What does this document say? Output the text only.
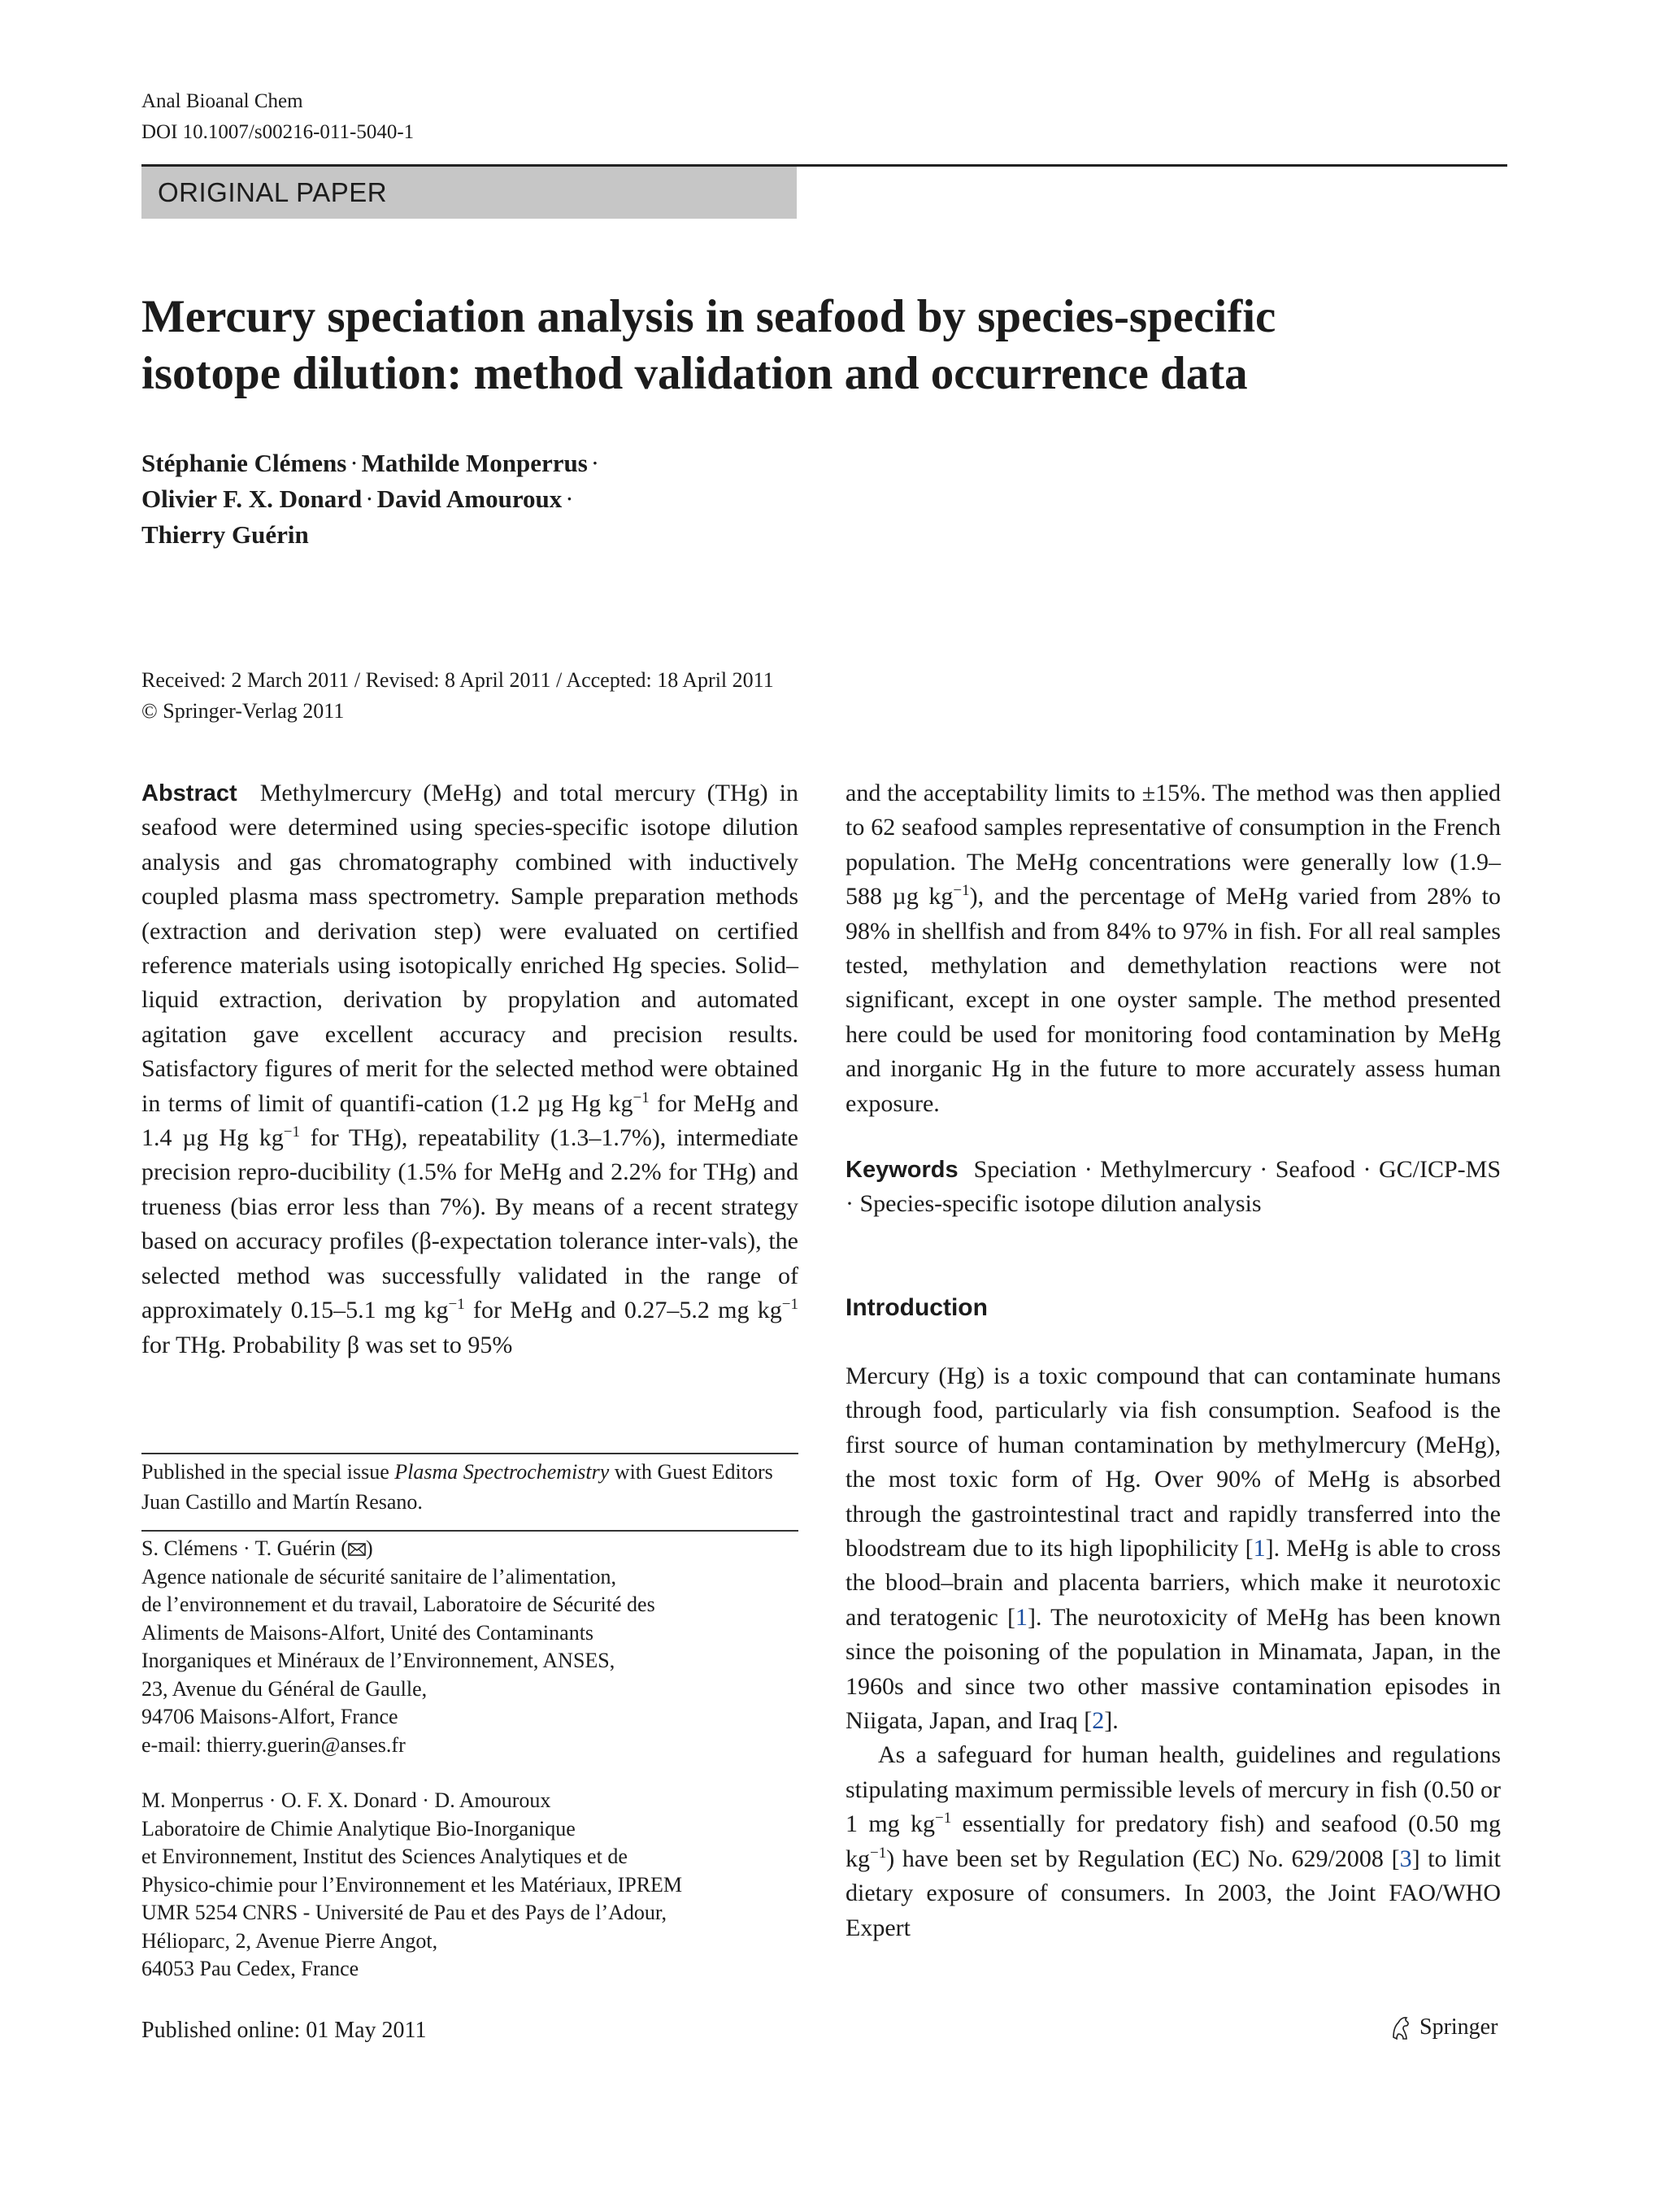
Anal Bioanal Chem
DOI 10.1007/s00216-011-5040-1
ORIGINAL PAPER
Mercury speciation analysis in seafood by species-specific
isotope dilution: method validation and occurrence data
Stéphanie Clémens · Mathilde Monperrus ·
Olivier F. X. Donard · David Amouroux ·
Thierry Guérin
Received: 2 March 2011 / Revised: 8 April 2011 / Accepted: 18 April 2011
© Springer-Verlag 2011

Abstract Methylmercury (MeHg) and total mercury (THg) in seafood were determined using species-specific isotope dilution analysis and gas chromatography combined with inductively coupled plasma mass spectrometry. Sample preparation methods (extraction and derivation step) were evaluated on certified reference materials using isotopically enriched Hg species. Solid–liquid extraction, derivation by propylation and automated agitation gave excellent accuracy and precision results. Satisfactory figures of merit for the selected method were obtained in terms of limit of quantifi-cation (1.2 µg Hg $kg^{-1}$ for MeHg and 1.4 µg Hg $kg^{-1}$ for THg), repeatability (1.3–1.7%), intermediate precision repro-ducibility (1.5% for MeHg and 2.2% for THg) and trueness (bias error less than 7%). By means of a recent strategy based on accuracy profiles (β-expectation tolerance inter-vals), the selected method was successfully validated in the range of approximately 0.15–5.1 mg $kg^{-1}$ for MeHg and 0.27–5.2 mg $kg^{-1}$ for THg. Probability β was set to 95%

Published in the special issue Plasma Spectrochemistry with Guest Editors Juan Castillo and Martín Resano.
S. Clémens · T. Guérin ( )
Agence nationale de sécurité sanitaire de l’alimentation,
de l’environnement et du travail, Laboratoire de Sécurité des
Aliments de Maisons-Alfort, Unité des Contaminants
Inorganiques et Minéraux de l’Environnement, ANSES,
23, Avenue du Général de Gaulle,
94706 Maisons-Alfort, France
e-mail: thierry.guerin@anses.fr
M. Monperrus · O. F. X. Donard · D. Amouroux
Laboratoire de Chimie Analytique Bio-Inorganique
et Environnement, Institut des Sciences Analytiques et de
Physico-chimie pour l’Environnement et les Matériaux, IPREM
UMR 5254 CNRS - Université de Pau et des Pays de l’Adour,
Hélioparc, 2, Avenue Pierre Angot,
64053 Pau Cedex, France

and the acceptability limits to ±15%. The method was then applied to 62 seafood samples representative of consumption in the French population. The MeHg concentrations were generally low (1.9–588 µg $kg^{-1}$), and the percentage of MeHg varied from 28% to 98% in shellfish and from 84% to 97% in fish. For all real samples tested, methylation and demethylation reactions were not significant, except in one oyster sample. The method presented here could be used for monitoring food contamination by MeHg and inorganic Hg in the future to more accurately assess human exposure.

Keywords Speciation · Methylmercury · Seafood · GC/ICP-MS · Species-specific isotope dilution analysis
Introduction

Mercury (Hg) is a toxic compound that can contaminate humans through food, particularly via fish consumption. Seafood is the first source of human contamination by methylmercury (MeHg), the most toxic form of Hg. Over 90% of MeHg is absorbed through the gastrointestinal tract and rapidly transferred into the bloodstream due to its high lipophilicity [1]. MeHg is able to cross the blood–brain and placenta barriers, which make it neurotoxic and teratogenic [1]. The neurotoxicity of MeHg has been known since the poisoning of the population in Minamata, Japan, in the 1960s and since two other massive contamination episodes in Niigata, Japan, and Iraq [2].

As a safeguard for human health, guidelines and regulations stipulating maximum permissible levels of mercury in fish (0.50 or 1 mg $kg^{-1}$ essentially for predatory fish) and seafood (0.50 mg $kg^{-1}$) have been set by Regulation (EC) No. 629/2008 [3] to limit dietary exposure of consumers. In 2003, the Joint FAO/WHO Expert

Published online: 01 May 2011	Springer
